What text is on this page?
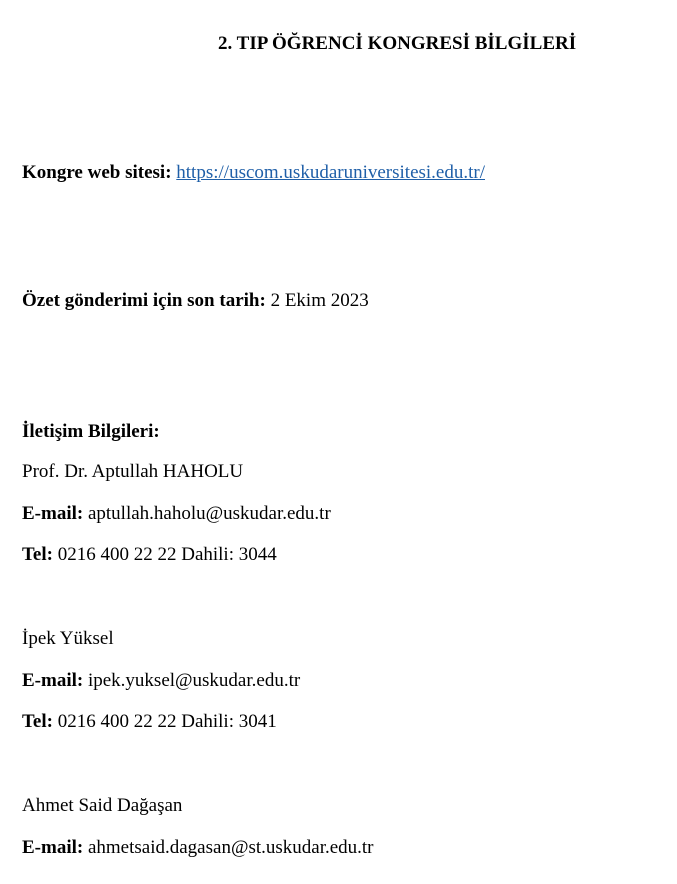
2. TIP ÖĞRENCİ KONGRESİ BİLGİLERİ
Kongre web sitesi: https://uscom.uskudaruniversitesi.edu.tr/
Özet gönderimi için son tarih: 2 Ekim 2023
İletişim Bilgileri:
Prof. Dr. Aptullah HAHOLU
E-mail: aptullah.haholu@uskudar.edu.tr
Tel: 0216 400 22 22 Dahili: 3044
İpek Yüksel
E-mail: ipek.yuksel@uskudar.edu.tr
Tel: 0216 400 22 22 Dahili: 3041
Ahmet Said Dağaşan
E-mail: ahmetsaid.dagasan@st.uskudar.edu.tr
